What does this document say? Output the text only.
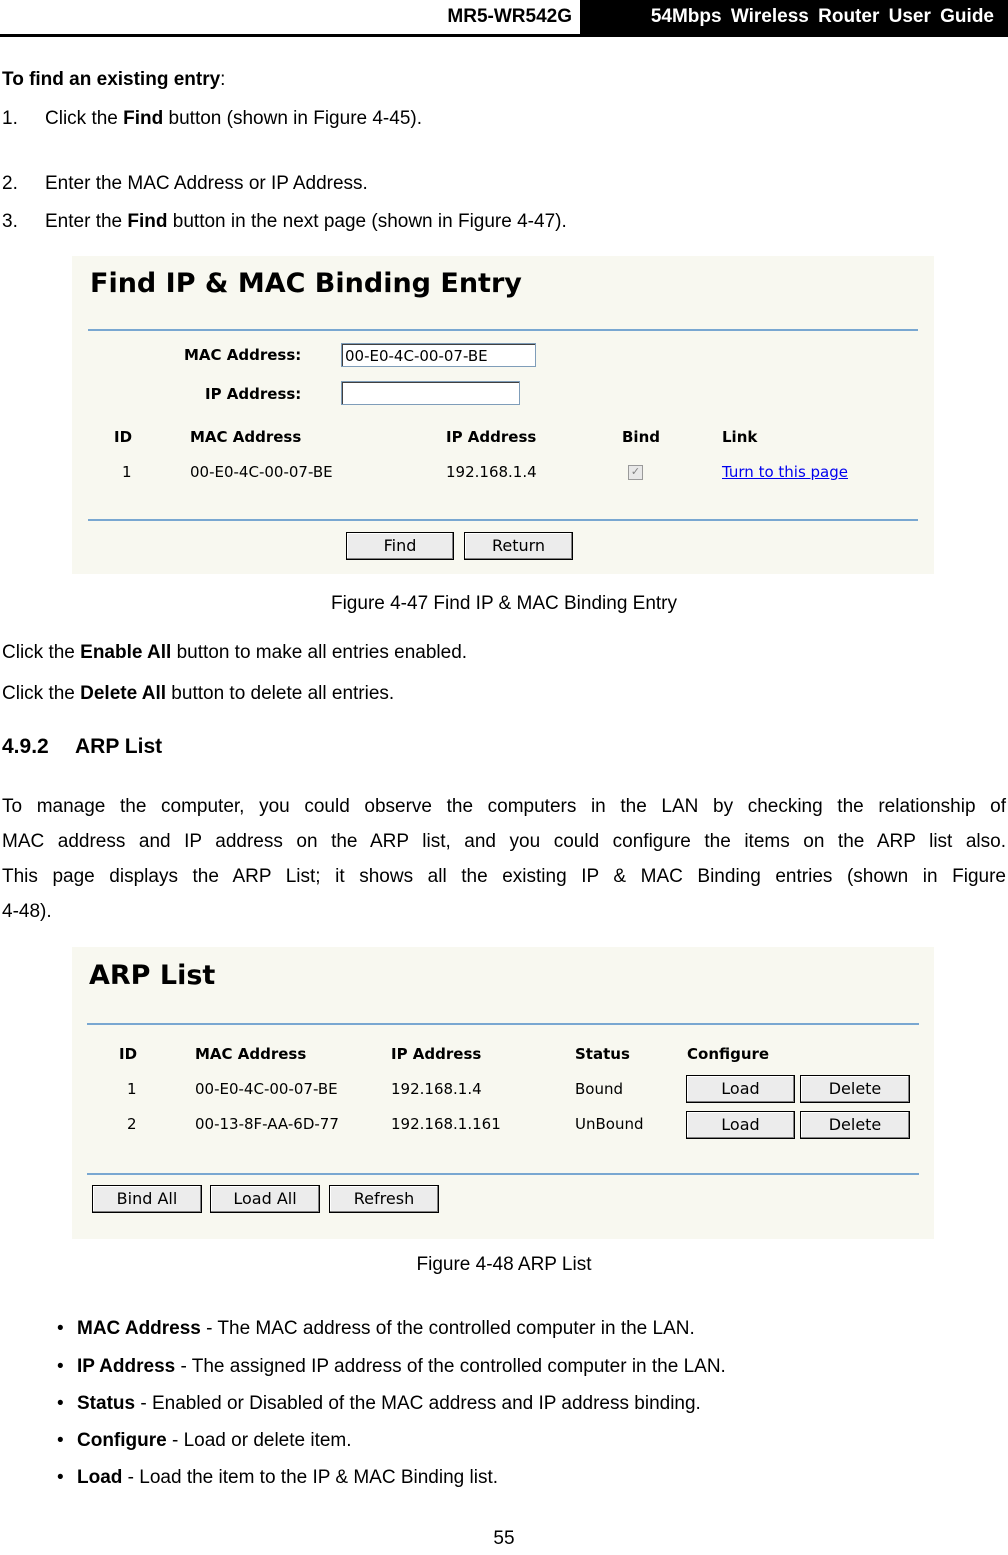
MR5-WR542G	54Mbps Wireless Router User Guide
To find an existing entry:
1. Click the Find button (shown in Figure 4-45).
2. Enter the MAC Address or IP Address.
3. Enter the Find button in the next page (shown in Figure 4-47).
Find IP & MAC Binding Entry
MAC Address:	00-E0-4C-00-07-BE
IP Address:
ID	MAC Address	IP Address	Bind	Link
1	00-E0-4C-00-07-BE	192.168.1.4	✓	Turn to this page
Find	Return
Figure 4-47 Find IP & MAC Binding Entry
Click the Enable All button to make all entries enabled.
Click the Delete All button to delete all entries.
4.9.2 ARP List
To manage the computer, you could observe the computers in the LAN by checking the relationship of
MAC address and IP address on the ARP list, and you could configure the items on the ARP list also.
This page displays the ARP List; it shows all the existing IP & MAC Binding entries (shown in Figure
4-48).
ARP List
ID	MAC Address	IP Address	Status	Configure
1	00-E0-4C-00-07-BE	192.168.1.4	Bound	Load	Delete
2	00-13-8F-AA-6D-77	192.168.1.161	UnBound	Load	Delete
Bind All	Load All	Refresh
Figure 4-48 ARP List
• MAC Address - The MAC address of the controlled computer in the LAN.
• IP Address - The assigned IP address of the controlled computer in the LAN.
• Status - Enabled or Disabled of the MAC address and IP address binding.
• Configure - Load or delete item.
• Load - Load the item to the IP & MAC Binding list.
55
